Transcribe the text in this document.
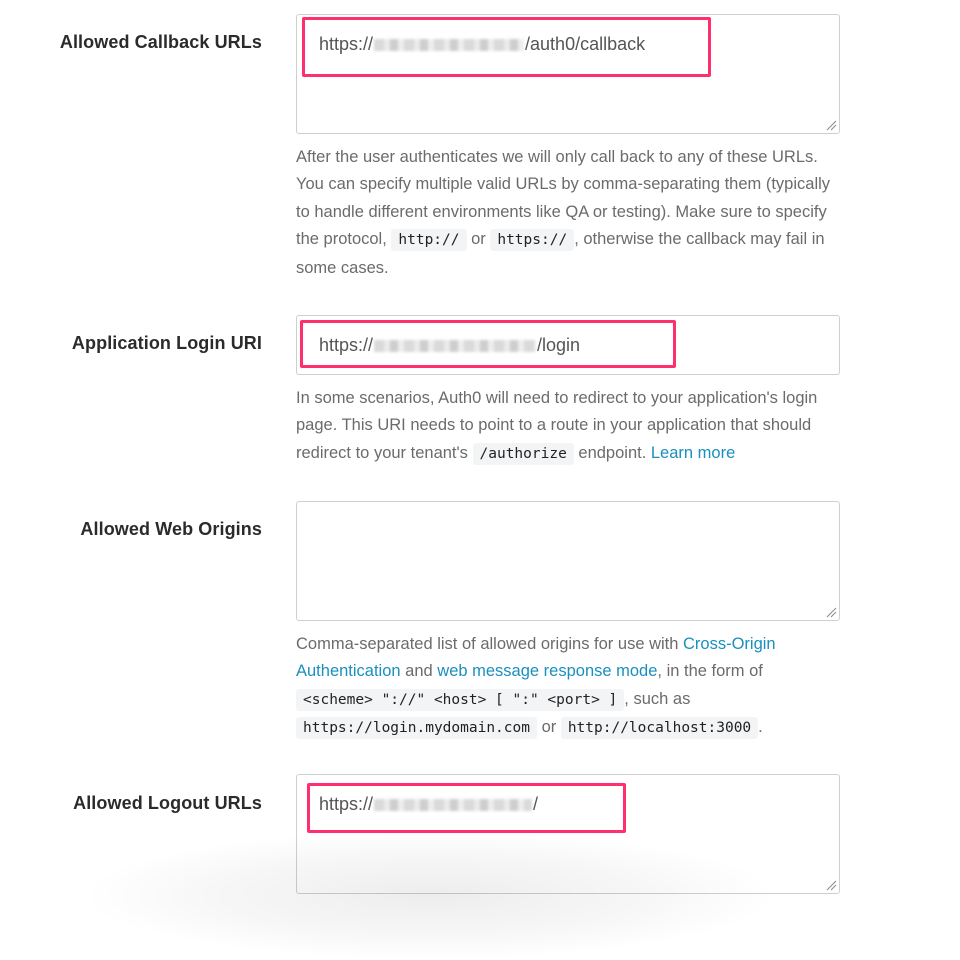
Allowed Callback URLs	https://	/auth0/callback
After the user authenticates we will only call back to any of these URLs. You can specify multiple valid URLs by comma-separating them (typically to handle different environments like QA or testing). Make sure to specify the protocol, http:// or https:// , otherwise the callback may fail in some cases.
Application Login URI	https://	/login
In some scenarios, Auth0 will need to redirect to your application's login page. This URI needs to point to a route in your application that should redirect to your tenant's /authorize endpoint. Learn more
Allowed Web Origins
Comma-separated list of allowed origins for use with Cross-Origin Authentication and web message response mode, in the form of
<scheme> "://" <host> [ ":" <port> ] , such as
https://login.mydomain.com or http://localhost:3000 .
Allowed Logout URLs	https://	/
